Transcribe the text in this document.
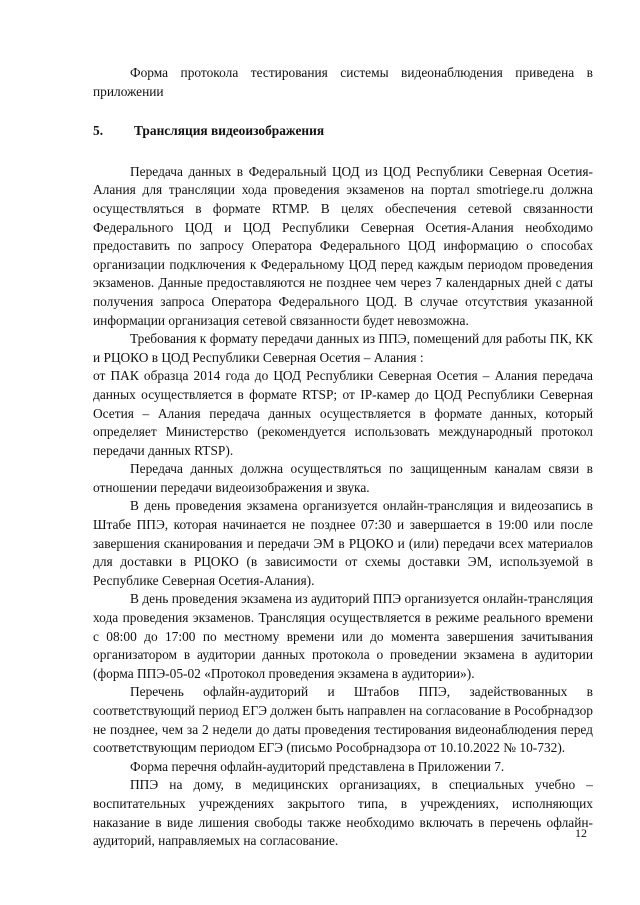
Форма протокола тестирования системы видеонаблюдения приведена в приложении

5.	Трансляция видеоизображения

Передача данных в Федеральный ЦОД из ЦОД Республики Северная Осетия-Алания для трансляции хода проведения экзаменов на портал smotriege.ru должна осуществляться в формате RTMP. В целях обеспечения сетевой связанности Федерального ЦОД и ЦОД Республики Северная Осетия-Алания необходимо предоставить по запросу Оператора Федерального ЦОД информацию о способах организации подключения к Федеральному ЦОД перед каждым периодом проведения экзаменов. Данные предоставляются не позднее чем через 7 календарных дней с даты получения запроса Оператора Федерального ЦОД. В случае отсутствия указанной информации организация сетевой связанности будет невозможна.

Требования к формату передачи данных из ППЭ, помещений для работы ПК, КК и РЦОКО в ЦОД Республики Северная Осетия – Алания :

от ПАК образца 2014 года до ЦОД Республики Северная Осетия – Алания передача данных осуществляется в формате RTSP; от IP-камер до ЦОД Республики Северная Осетия – Алания передача данных осуществляется в формате данных, который определяет Министерство (рекомендуется использовать международный протокол передачи данных RTSP).

Передача данных должна осуществляться по защищенным каналам связи в отношении передачи видеоизображения и звука.

В день проведения экзамена организуется онлайн-трансляция и видеозапись в Штабе ППЭ, которая начинается не позднее 07:30 и завершается в 19:00 или после завершения сканирования и передачи ЭМ в РЦОКО и (или) передачи всех материалов для доставки в РЦОКО (в зависимости от схемы доставки ЭМ, используемой в Республике Северная Осетия-Алания).

В день проведения экзамена из аудиторий ППЭ организуется онлайн-трансляция хода проведения экзаменов. Трансляция осуществляется в режиме реального времени с 08:00 до 17:00 по местному времени или до момента завершения зачитывания организатором в аудитории данных протокола о проведении экзамена в аудитории (форма ППЭ-05-02 «Протокол проведения экзамена в аудитории»).

Перечень офлайн-аудиторий и Штабов ППЭ, задействованных в соответствующий период ЕГЭ должен быть направлен на согласование в Рособрнадзор не позднее, чем за 2 недели до даты проведения тестирования видеонаблюдения перед соответствующим периодом ЕГЭ (письмо Рособрнадзора от 10.10.2022 № 10-732).

Форма перечня офлайн-аудиторий представлена в Приложении 7.

ППЭ на дому, в медицинских организациях, в специальных учебно – воспитательных учреждениях закрытого типа, в учреждениях, исполняющих наказание в виде лишения свободы также необходимо включать в перечень офлайн-аудиторий, направляемых на согласование.

12
